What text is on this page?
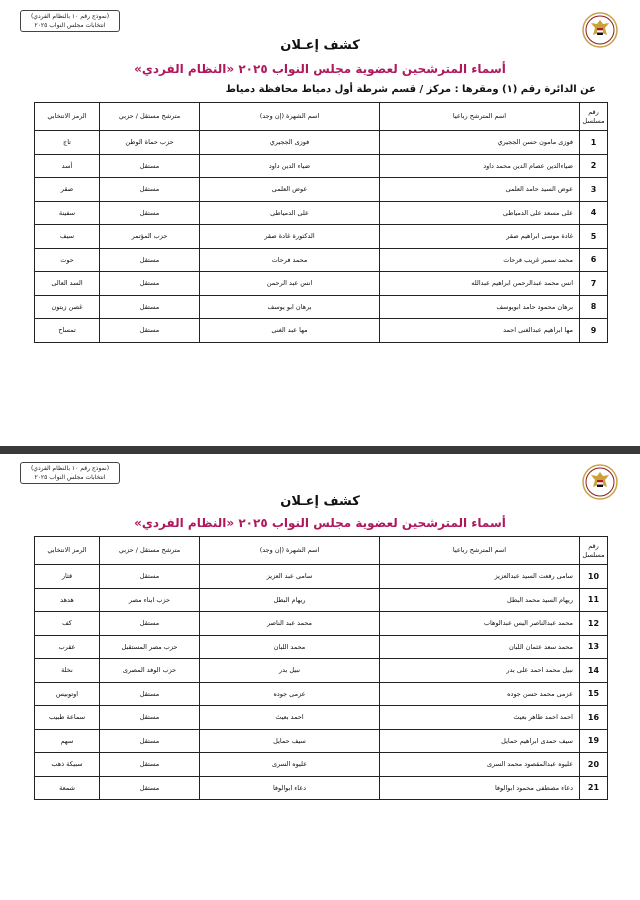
(نموذج رقم ١٠ بالنظام الفردي)
انتخابات مجلس النواب ٢٠٢٥
كشف إعـلان
أسماء المترشحين لعضوية مجلس النواب ٢٠٢٥ «النظام الفردي»
عن الدائرة رقم (١) ومقرها : مركز / قسم شرطة أول دمياط محافظة دمياط
رقم مسلسل	اسم المترشح رباعيا	اسم الشهرة (إن وجد)	مترشح مستقل / حزبي	الرمز الانتخابي
1	فوزى مامون حسن الججيري	فوزى الججيري	حزب حماة الوطن	تاج
2	ضياءالدين عصام الدين محمد داود	ضياء الدين داود	مستقل	أسد
3	عوض السيد حامد العلمى	عوض العلمى	مستقل	صقر
4	على مسعد على الدمياطى	على الدمياطى	مستقل	سفينة
5	غادة موسى ابراهيم صقر	الدكتورة غادة صقر	حزب المؤتمر	سيف
6	محمد سمير غريب فرحات	محمد فرحات	مستقل	حوت
7	انس محمد عبدالرحمن ابراهيم عبدالله	انس عبد الرحمن	مستقل	السد العالى
8	برهان محمود حامد ابويوسف	برهان ابو يوسف	مستقل	غصن زيتون
9	مها ابراهيم عبدالغنى احمد	مها عبد الغنى	مستقل	تمساح
(نموذج رقم ١٠ بالنظام الفردي)
انتخابات مجلس النواب ٢٠٢٥
كشف إعـلان
أسماء المترشحين لعضوية مجلس النواب ٢٠٢٥ «النظام الفردي»
رقم مسلسل	اسم المترشح رباعيا	اسم الشهرة (إن وجد)	مترشح مستقل / حزبي	الرمز الانتخابي
10	سامى رفعت السيد عبدالعزيز	سامى عبد العزيز	مستقل	قثار
11	ريهام السيد محمد البطل	ريهام البطل	حزب ابناء مصر	هدهد
12	محمد عبدالناصر اليس عبدالوهاب	محمد عبد الناصر	مستقل	كف
13	محمد سعد عثمان اللبان	محمد اللبان	حزب مصر المستقبل	عقرب
14	نبيل محمد احمد على بدر	نبيل بدر	حزب الوفد المصرى	نخلة
15	عزمى محمد حسن جوده	عزمى جوده	مستقل	اوتوبيس
16	احمد احمد طاهر بعيث	احمد بعيث	مستقل	سماعة طبيب
19	سيف حمدى ابراهيم حمايل	سيف حمايل	مستقل	سهم
20	عليوه عبدالمقصود محمد السرى	عليوه السرى	مستقل	سبيكة ذهب
21	دعاء مصطفى محمود ابوالوفا	دعاء ابوالوفا	مستقل	شمعة
